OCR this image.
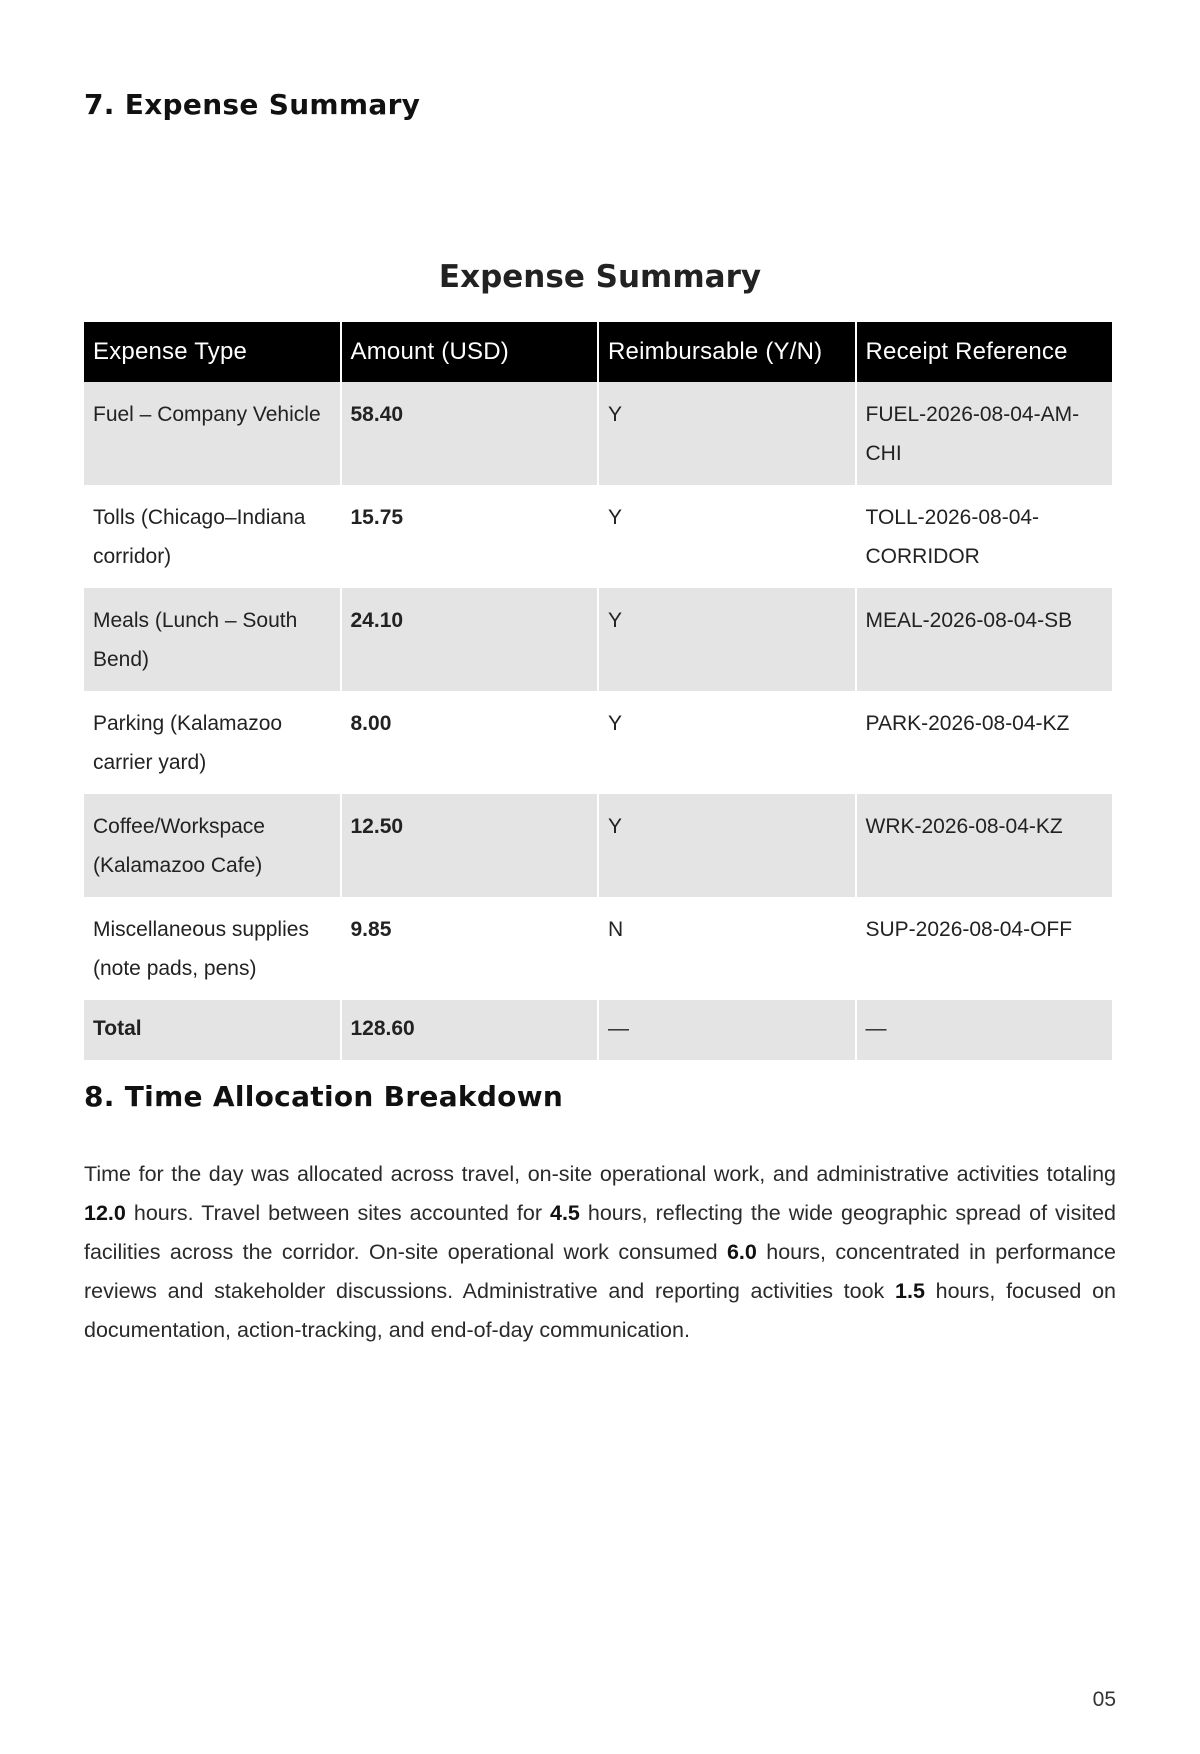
7. Expense Summary
Expense Summary
Expense Type	Amount (USD)	Reimbursable (Y/N)	Receipt Reference
Fuel – Company Vehicle	58.40	Y	FUEL-2026-08-04-AM-CHI
Tolls (Chicago–Indiana corridor)	15.75	Y	TOLL-2026-08-04-CORRIDOR
Meals (Lunch – South Bend)	24.10	Y	MEAL-2026-08-04-SB
Parking (Kalamazoo carrier yard)	8.00	Y	PARK-2026-08-04-KZ
Coffee/Workspace (Kalamazoo Cafe)	12.50	Y	WRK-2026-08-04-KZ
Miscellaneous supplies (note pads, pens)	9.85	N	SUP-2026-08-04-OFF
Total	128.60	—	—
8. Time Allocation Breakdown

Time for the day was allocated across travel, on-site operational work, and administrative activities totaling 12.0 hours. Travel between sites accounted for 4.5 hours, reflecting the wide geographic spread of visited facilities across the corridor. On-site operational work consumed 6.0 hours, concentrated in performance reviews and stakeholder discussions. Administrative and reporting activities took 1.5 hours, focused on documentation, action-tracking, and end-of-day communication.

05
